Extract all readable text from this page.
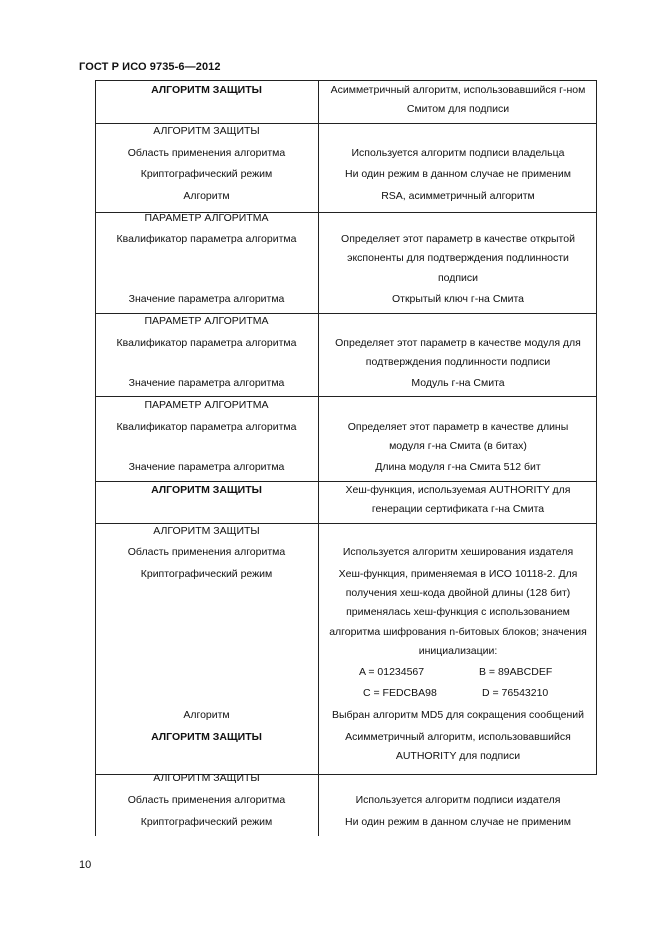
ГОСТ Р ИСО 9735-6—2012
АЛГОРИТМ ЗАЩИТЫ	Асимметричный алгоритм, использовавшийся г-ном
Смитом для подписи
АЛГОРИТМ ЗАЩИТЫ
Область применения алгоритма	Используется алгоритм подписи владельца
Криптографический режим	Ни один режим в данном случае не применим
Алгоритм	RSA, асимметричный алгоритм
ПАРАМЕТР АЛГОРИТМА
Квалификатор параметра алгоритма	Определяет этот параметр в качестве открытой
экспоненты для подтверждения подлинности
подписи
Значение параметра алгоритма	Открытый ключ г-на Смита
ПАРАМЕТР АЛГОРИТМА
Квалификатор параметра алгоритма	Определяет этот параметр в качестве модуля для
подтверждения подлинности подписи
Значение параметра алгоритма	Модуль г-на Смита
ПАРАМЕТР АЛГОРИТМА
Квалификатор параметра алгоритма	Определяет этот параметр в качестве длины
модуля г-на Смита (в битах)
Значение параметра алгоритма	Длина модуля г-на Смита 512 бит
АЛГОРИТМ ЗАЩИТЫ	Хеш-функция, используемая AUTHORITY для
генерации сертификата г-на Смита
АЛГОРИТМ ЗАЩИТЫ
Область применения алгоритма	Используется алгоритм хеширования издателя
Криптографический режим	Хеш-функция, применяемая в ИСО 10118-2. Для
получения хеш-кода двойной длины (128 бит)
применялась хеш-функция с использованием
алгоритма шифрования n-битовых блоков; значения
инициализации:
A = 01234567	B = 89ABCDEF
C = FEDCBA98	D = 76543210
Алгоритм	Выбран алгоритм MD5 для сокращения сообщений
АЛГОРИТМ ЗАЩИТЫ	Асимметричный алгоритм, использовавшийся
AUTHORITY для подписи
АЛГОРИТМ ЗАЩИТЫ
Область применения алгоритма	Используется алгоритм подписи издателя
Криптографический режим	Ни один режим в данном случае не применим
10
